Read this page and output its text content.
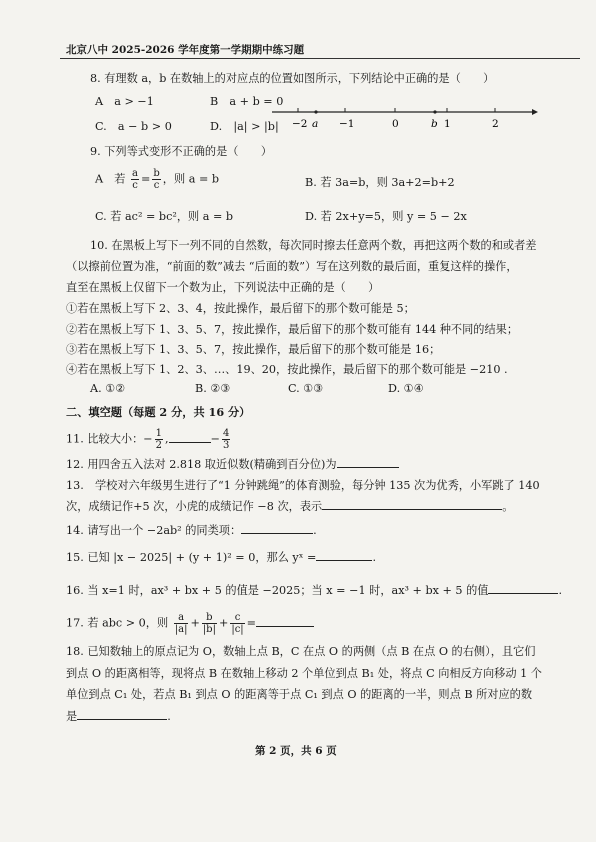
北京八中 2025-2026 学年度第一学期期中练习题
8. 有理数 a，b 在数轴上的对应点的位置如图所示，下列结论中正确的是（　　）
A　a > −1	B　a + b = 0
C.　a − b > 0	D.　|a| > |b| −2 a −1	0	b 1	2
9. 下列等式变形不正确的是（　　）
A　若 $\frac{a}{c} = \frac{b}{c}$ ，则 a = b	B. 若 3a=b，则 3a+2=b+2
C. 若 ac² = bc²，则 a = b	D. 若 2x+y=5，则 y = 5 − 2x
10. 在黑板上写下一列不同的自然数，每次同时擦去任意两个数，再把这两个数的和或者差
（以擦前位置为准，“前面的数”减去 “后面的数”）写在这列数的最后面，重复这样的操作，
直至在黑板上仅留下一个数为止，下列说法中正确的是（　　）
①若在黑板上写下 2、3、4，按此操作，最后留下的那个数可能是 5；
②若在黑板上写下 1、3、5、7，按此操作，最后留下的那个数可能有 144 种不同的结果；
③若在黑板上写下 1、3、5、7，按此操作，最后留下的那个数可能是 16；
④若在黑板上写下 1、2、3、…、19、20，按此操作，最后留下的那个数可能是 −210 .
A. ①②	B. ②③	C. ①③	D. ①④
二、填空题（每题 2 分，共 16 分）
11. 比较大小：− $\frac{1}{2}$ ,	− $\frac{4}{3}$
12. 用四舍五入法对 2.818 取近似数(精确到百分位)为
13.　学校对六年级男生进行了“1 分钟跳绳”的体育测验，每分钟 135 次为优秀，小军跳了 140
次，成绩记作+5 次，小虎的成绩记作 −8 次，表示	。
14. 请写出一个 −2ab² 的同类项：	.
15. 已知 |x − 2025| + (y + 1)² = 0，那么 yˣ =	.
16. 当 x=1 时，ax³ + bx + 5 的值是 −2025；当 x = −1 时，ax³ + bx + 5 的值	.
17. 若 abc > 0，则 $\frac{a}{|a|} + \frac{b}{|b|} + \frac{c}{|c|}$ =
18. 已知数轴上的原点记为 O，数轴上点 B，C 在点 O 的两侧（点 B 在点 O 的右侧），且它们
到点 O 的距离相等，现将点 B 在数轴上移动 2 个单位到点 B₁ 处，将点 C 向相反方向移动 1 个
单位到点 C₁ 处，若点 B₁ 到点 O 的距离等于点 C₁ 到点 O 的距离的一半，则点 B 所对应的数
是	.
第 2 页，共 6 页
